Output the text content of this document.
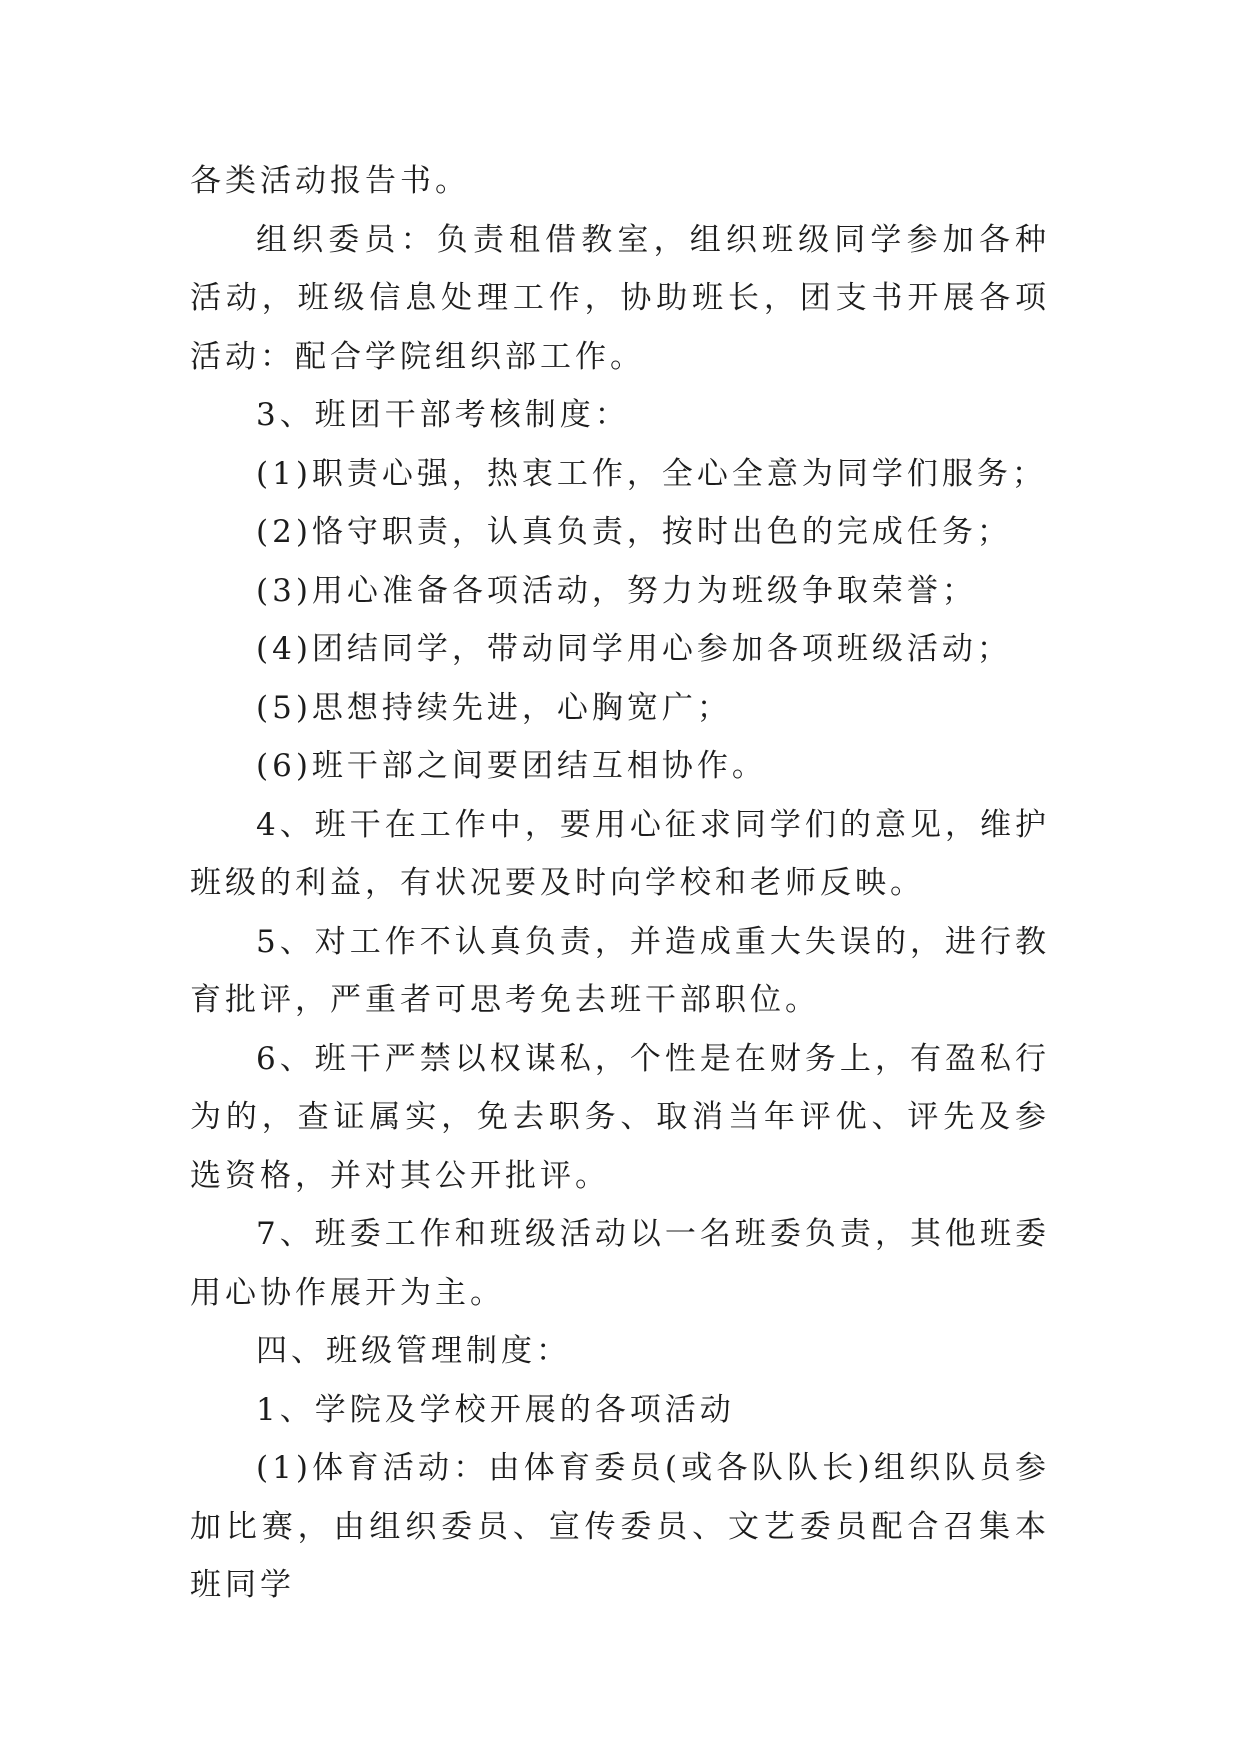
各类活动报告书。

组织委员：负责租借教室，组织班级同学参加各种活动，班级信息处理工作，协助班长，团支书开展各项活动：配合学院组织部工作。

3、班团干部考核制度：

(1)职责心强，热衷工作，全心全意为同学们服务；

(2)恪守职责，认真负责，按时出色的完成任务；

(3)用心准备各项活动，努力为班级争取荣誉；

(4)团结同学，带动同学用心参加各项班级活动；

(5)思想持续先进，心胸宽广；

(6)班干部之间要团结互相协作。

4、班干在工作中，要用心征求同学们的意见，维护班级的利益，有状况要及时向学校和老师反映。

5、对工作不认真负责，并造成重大失误的，进行教育批评，严重者可思考免去班干部职位。

6、班干严禁以权谋私，个性是在财务上，有盈私行为的，查证属实，免去职务、取消当年评优、评先及参选资格，并对其公开批评。

7、班委工作和班级活动以一名班委负责，其他班委用心协作展开为主。

四、班级管理制度：

1、学院及学校开展的各项活动

(1)体育活动：由体育委员(或各队队长)组织队员参加比赛，由组织委员、宣传委员、文艺委员配合召集本班同学
